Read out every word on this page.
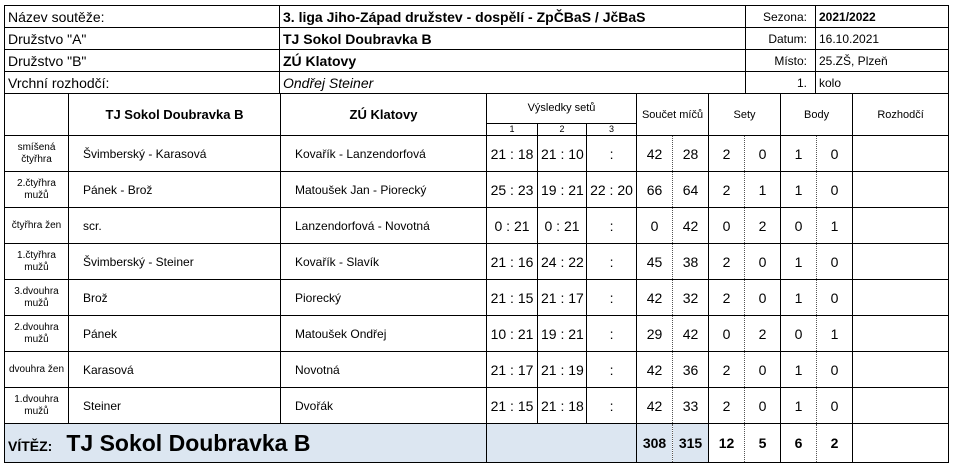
Název soutěže:	3. liga Jiho-Západ družstev - dospělí - ZpČBaS / JčBaS	Sezona:	2021/2022
Družstvo "A"	TJ Sokol Doubravka B	Datum:	16.10.2021
Družstvo "B"	ZÚ Klatovy	Místo:	25.ZŠ, Plzeň
Vrchní rozhodčí:	Ondřej Steiner	1.	kolo
	TJ Sokol Doubravka B	ZÚ Klatovy	Výsledky setů			Součet míčů		Sety		Body		Rozhodčí
			1	2	3							
smíšená čtyřhra	Švimberský - Karasová	Kovařík - Lanzendorfová	21 : 18	21 : 10	:	42	28	2	0	1	0	
2.čtyřhra mužů	Pánek - Brož	Matoušek Jan - Piorecký	25 : 23	19 : 21	22 : 20	66	64	2	1	1	0	
čtyřhra žen	scr.	Lanzendorfová - Novotná	0 : 21	0 : 21	:	0	42	0	2	0	1	
1.čtyřhra mužů	Švimberský - Steiner	Kovařík - Slavík	21 : 16	24 : 22	:	45	38	2	0	1	0	
3.dvouhra mužů	Brož	Piorecký	21 : 15	21 : 17	:	42	32	2	0	1	0	
2.dvouhra mužů	Pánek	Matoušek Ondřej	10 : 21	19 : 21	:	29	42	0	2	0	1	
dvouhra žen	Karasová	Novotná	21 : 17	21 : 19	:	42	36	2	0	1	0	
1.dvouhra mužů	Steiner	Dvořák	21 : 15	21 : 18	:	42	33	2	0	1	0	
VÍTĚZ: TJ Sokol Doubravka B						308	315	12	5	6	2	
